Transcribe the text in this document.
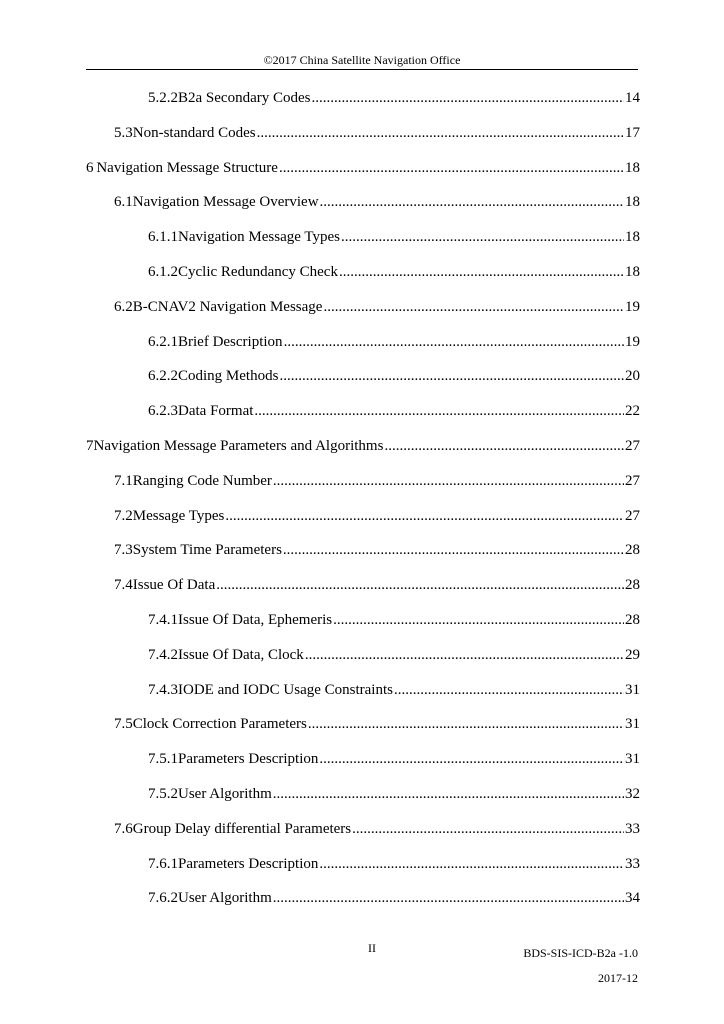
©2017 China Satellite Navigation Office
5.2.2 B2a Secondary Codes .....	14
5.3 Non-standard Codes .....	17
6 Navigation Message Structure .....	18
6.1 Navigation Message Overview .....	18
6.1.1 Navigation Message Types .....	18
6.1.2 Cyclic Redundancy Check .....	18
6.2 B-CNAV2 Navigation Message .....	19
6.2.1 Brief Description .....	19
6.2.2 Coding Methods .....	20
6.2.3 Data Format .....	22
7 Navigation Message Parameters and Algorithms .....	27
7.1 Ranging Code Number .....	27
7.2 Message Types .....	27
7.3 System Time Parameters .....	28
7.4 Issue Of Data .....	28
7.4.1 Issue Of Data, Ephemeris .....	28
7.4.2 Issue Of Data, Clock .....	29
7.4.3 IODE and IODC Usage Constraints .....	31
7.5 Clock Correction Parameters .....	31
7.5.1 Parameters Description .....	31
7.5.2 User Algorithm .....	32
7.6 Group Delay differential Parameters .....	33
7.6.1 Parameters Description .....	33
7.6.2 User Algorithm .....	34
II	BDS-SIS-ICD-B2a -1.0
2017-12
